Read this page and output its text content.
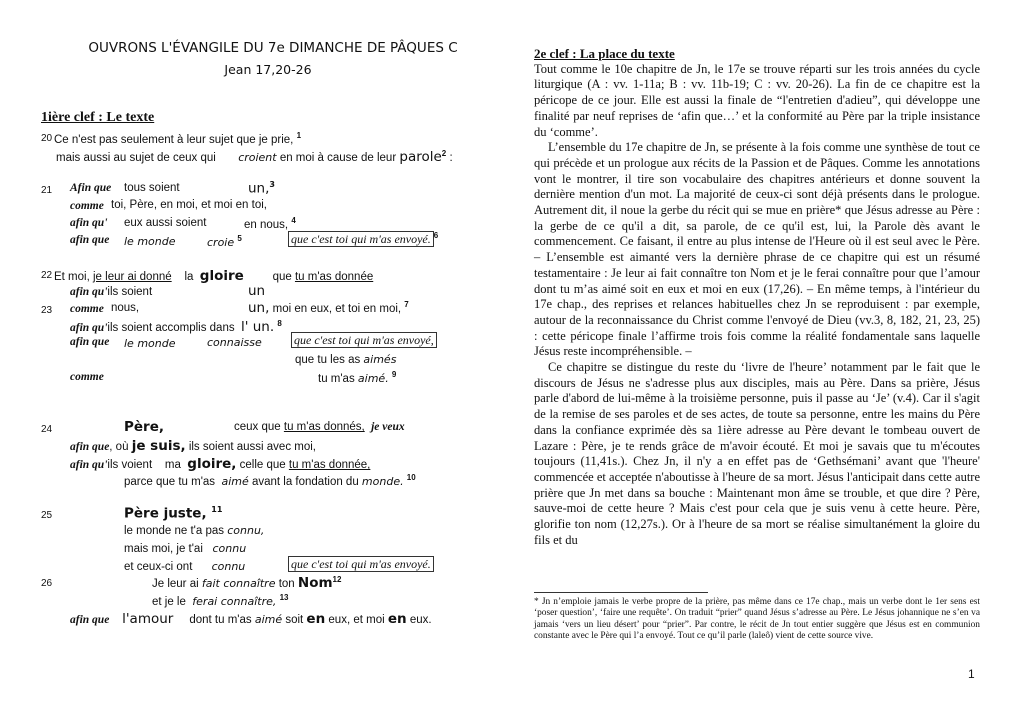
OUVRONS L'ÉVANGILE DU 7e DIMANCHE DE PÂQUES C
Jean 17,20-26
1ière clef : Le texte
20 Ce n'est pas seulement à leur sujet que je prie, $^1$
mais aussi au sujet de ceux qui croient en moi à cause de leur parole$^2$ :
21 Afin que tous soient	un,$^3$
comme toi, Père, en moi, et moi en toi,
afin qu' eux aussi soient	en nous, $^4$
afin que le monde	croie $^5$	que c'est toi qui m'as envoyé. $^6$
22 Et moi, je leur ai donné la gloire	que tu m'as donnée
afin qu'ils soient	un
23 comme nous,	un, moi en eux, et toi en moi, $^7$
afin qu'ils soient accomplis dans l' un. $^8$
afin que le monde	connaisse	que c'est toi qui m'as envoyé,
que tu les as aimés
comme	tu m'as aimé. $^9$
24	Père,	ceux que tu m'as donnés, je veux
afin que, où je suis, ils soient aussi avec moi,
afin qu'ils voient ma gloire, celle que tu m'as donnée,
parce que tu m'as aimé avant la fondation du monde. $^{10}$
25	Père juste, $^{11}$
le monde ne t'a pas connu,
mais moi, je t'ai connu
et ceux-ci ont connu	que c'est toi qui m'as envoyé.
26	Je leur ai fait connaître ton Nom$^{12}$
et je le ferai connaître, $^{13}$
afin que l'amour dont tu m'as aimé soit en eux, et moi en eux.
2e clef : La place du texte

Tout comme le 10e chapitre de Jn, le 17e se trouve réparti sur les trois années du cycle liturgique (A : vv. 1-11a; B : vv. 11b-19; C : vv. 20-26). La fin de ce chapitre est la péricope de ce jour. Elle est aussi la finale de “l'entretien d'adieu”, qui développe une finalité par neuf reprises de ‘afin que…’ et la conformité au Père par la triple insistance du ‘comme’.

L’ensemble du 17e chapitre de Jn, se présente à la fois comme une synthèse de tout ce qui précède et un prologue aux récits de la Passion et de Pâques. Comme les annotations vont le montrer, il tire son vocabulaire des chapitres antérieurs et donne souvent la dernière mention d'un mot. La majorité de ceux-ci sont déjà présents dans le prologue. Autrement dit, il noue la gerbe du récit qui se mue en prière* que Jésus adresse au Père : la gerbe de ce qu'il a dit, sa parole, de ce qu'il est, lui, la Parole dès avant le commencement. Ce faisant, il entre au plus intense de l'Heure où il est seul avec le Père. – L’ensemble est aimanté vers la dernière phrase de ce chapitre qui est un résumé testamentaire : Je leur ai fait connaître ton Nom et je le ferai connaître pour que l’amour dont tu m’as aimé soit en eux et moi en eux (17,26). – En même temps, à l'intérieur du 17e chap., des reprises et relances habituelles chez Jn se reproduisent : par exemple, autour de la reconnaissance du Christ comme l'envoyé de Dieu (vv.3, 8, 182, 21, 23, 25) : cette péricope finale l’affirme trois fois comme la réalité fondamentale sans laquelle Jésus reste incompréhensible. –

Ce chapitre se distingue du reste du ‘livre de l'heure’ notamment par le fait que le discours de Jésus ne s'adresse plus aux disciples, mais au Père. Dans sa prière, Jésus parle d'abord de lui-même à la troisième personne, puis il passe au ‘Je’ (v.4). Car il s'agit de la remise de ses paroles et de ses actes, de toute sa personne, entre les mains du Père dans la confiance exprimée dès sa 1ière adresse au Père devant le tombeau ouvert de Lazare : Père, je te rends grâce de m'avoir écouté. Et moi je savais que tu m'écoutes toujours (11,41s.). Chez Jn, il n'y a en effet pas de ‘Gethsémani’ avant que 'l'heure' commencée et acceptée n'aboutisse à l'heure de sa mort. Jésus l'anticipait dans cette autre prière que Jn met dans sa bouche : Maintenant mon âme se trouble, et que dire ? Père, sauve-moi de cette heure ? Mais c'est pour cela que je suis venu à cette heure. Père, glorifie ton nom (12,27s.). Or à l'heure de sa mort se réalise simultanément la gloire du fils et du

* Jn n’emploie jamais le verbe propre de la prière, pas même dans ce 17e chap., mais un verbe dont le 1er sens est ‘poser question’, ‘faire une requête’. On traduit “prier” quand Jésus s’adresse au Père. Le Jésus johannique ne s’en va jamais ‘vers un lieu désert’ pour “prier”. Par contre, le récit de Jn tout entier suggère que Jésus est en communion constante avec le Père qui l’a envoyé. Tout ce qu’il parle (laleô) vient de cette source vive.
1
